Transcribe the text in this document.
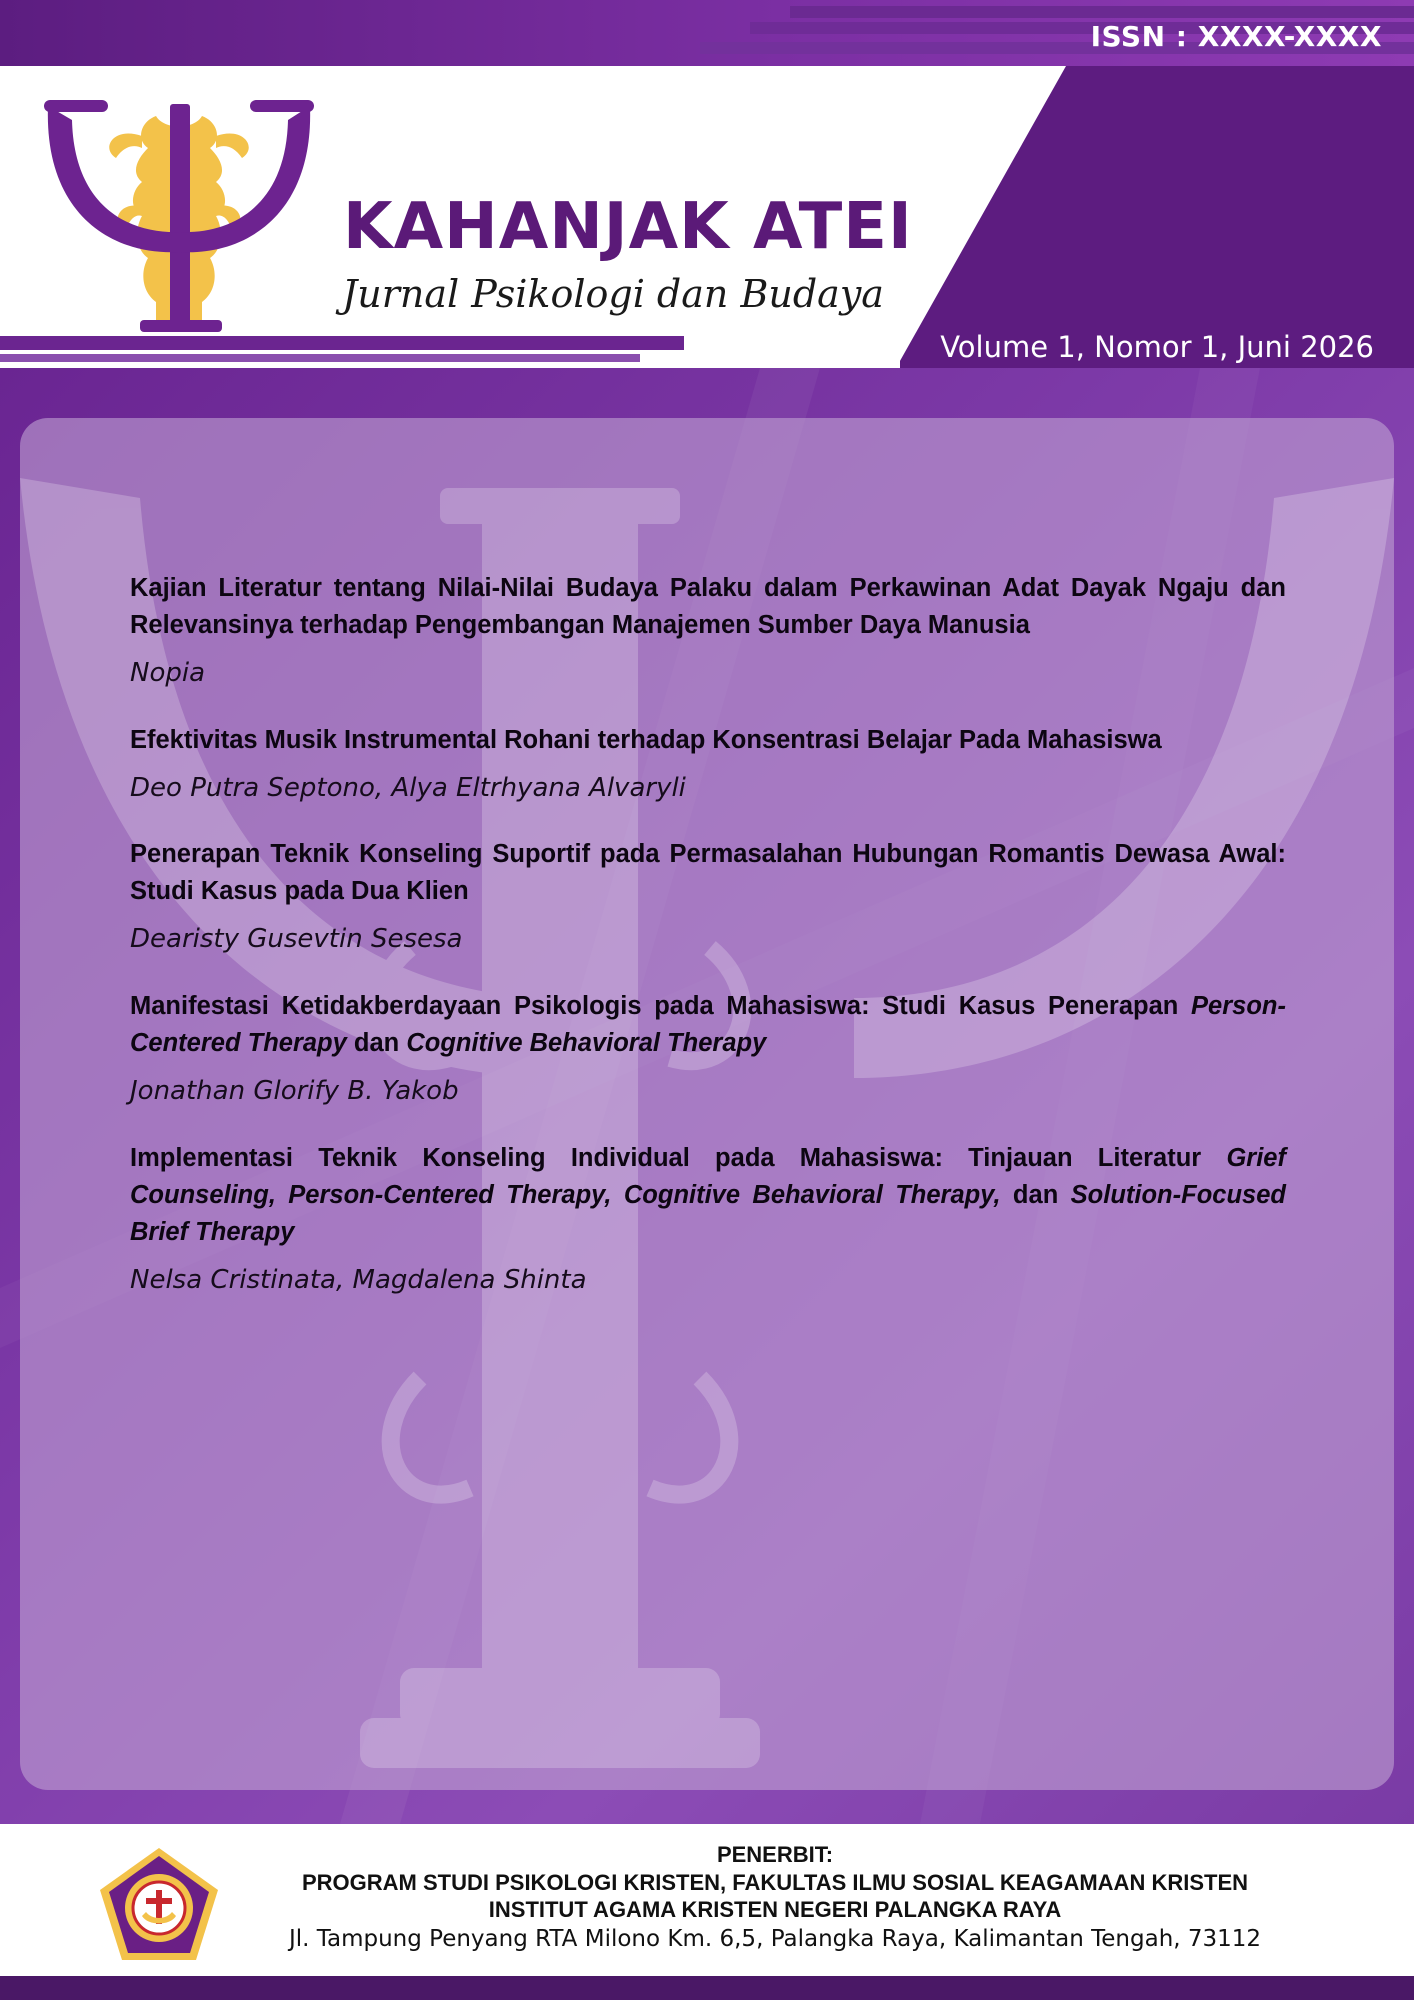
ISSN : XXXX-XXXX
KAHANJAK ATEI
Jurnal Psikologi dan Budaya
Volume 1, Nomor 1, Juni 2026

Kajian Literatur tentang Nilai-Nilai Budaya Palaku dalam Perkawinan Adat Dayak Ngaju dan Relevansinya terhadap Pengembangan Manajemen Sumber Daya Manusia

Nopia

Efektivitas Musik Instrumental Rohani terhadap Konsentrasi Belajar Pada Mahasiswa

Deo Putra Septono, Alya Eltrhyana Alvaryli

Penerapan Teknik Konseling Suportif pada Permasalahan Hubungan Romantis Dewasa Awal: Studi Kasus pada Dua Klien

Dearisty Gusevtin Sesesa

Manifestasi Ketidakberdayaan Psikologis pada Mahasiswa: Studi Kasus Penerapan Person-Centered Therapy dan Cognitive Behavioral Therapy

Jonathan Glorify B. Yakob

Implementasi Teknik Konseling Individual pada Mahasiswa: Tinjauan Literatur Grief Counseling, Person-Centered Therapy, Cognitive Behavioral Therapy, dan Solution-Focused Brief Therapy

Nelsa Cristinata, Magdalena Shinta
PENERBIT:
PROGRAM STUDI PSIKOLOGI KRISTEN, FAKULTAS ILMU SOSIAL KEAGAMAAN KRISTEN
INSTITUT AGAMA KRISTEN NEGERI PALANGKA RAYA
Jl. Tampung Penyang RTA Milono Km. 6,5, Palangka Raya, Kalimantan Tengah, 73112
